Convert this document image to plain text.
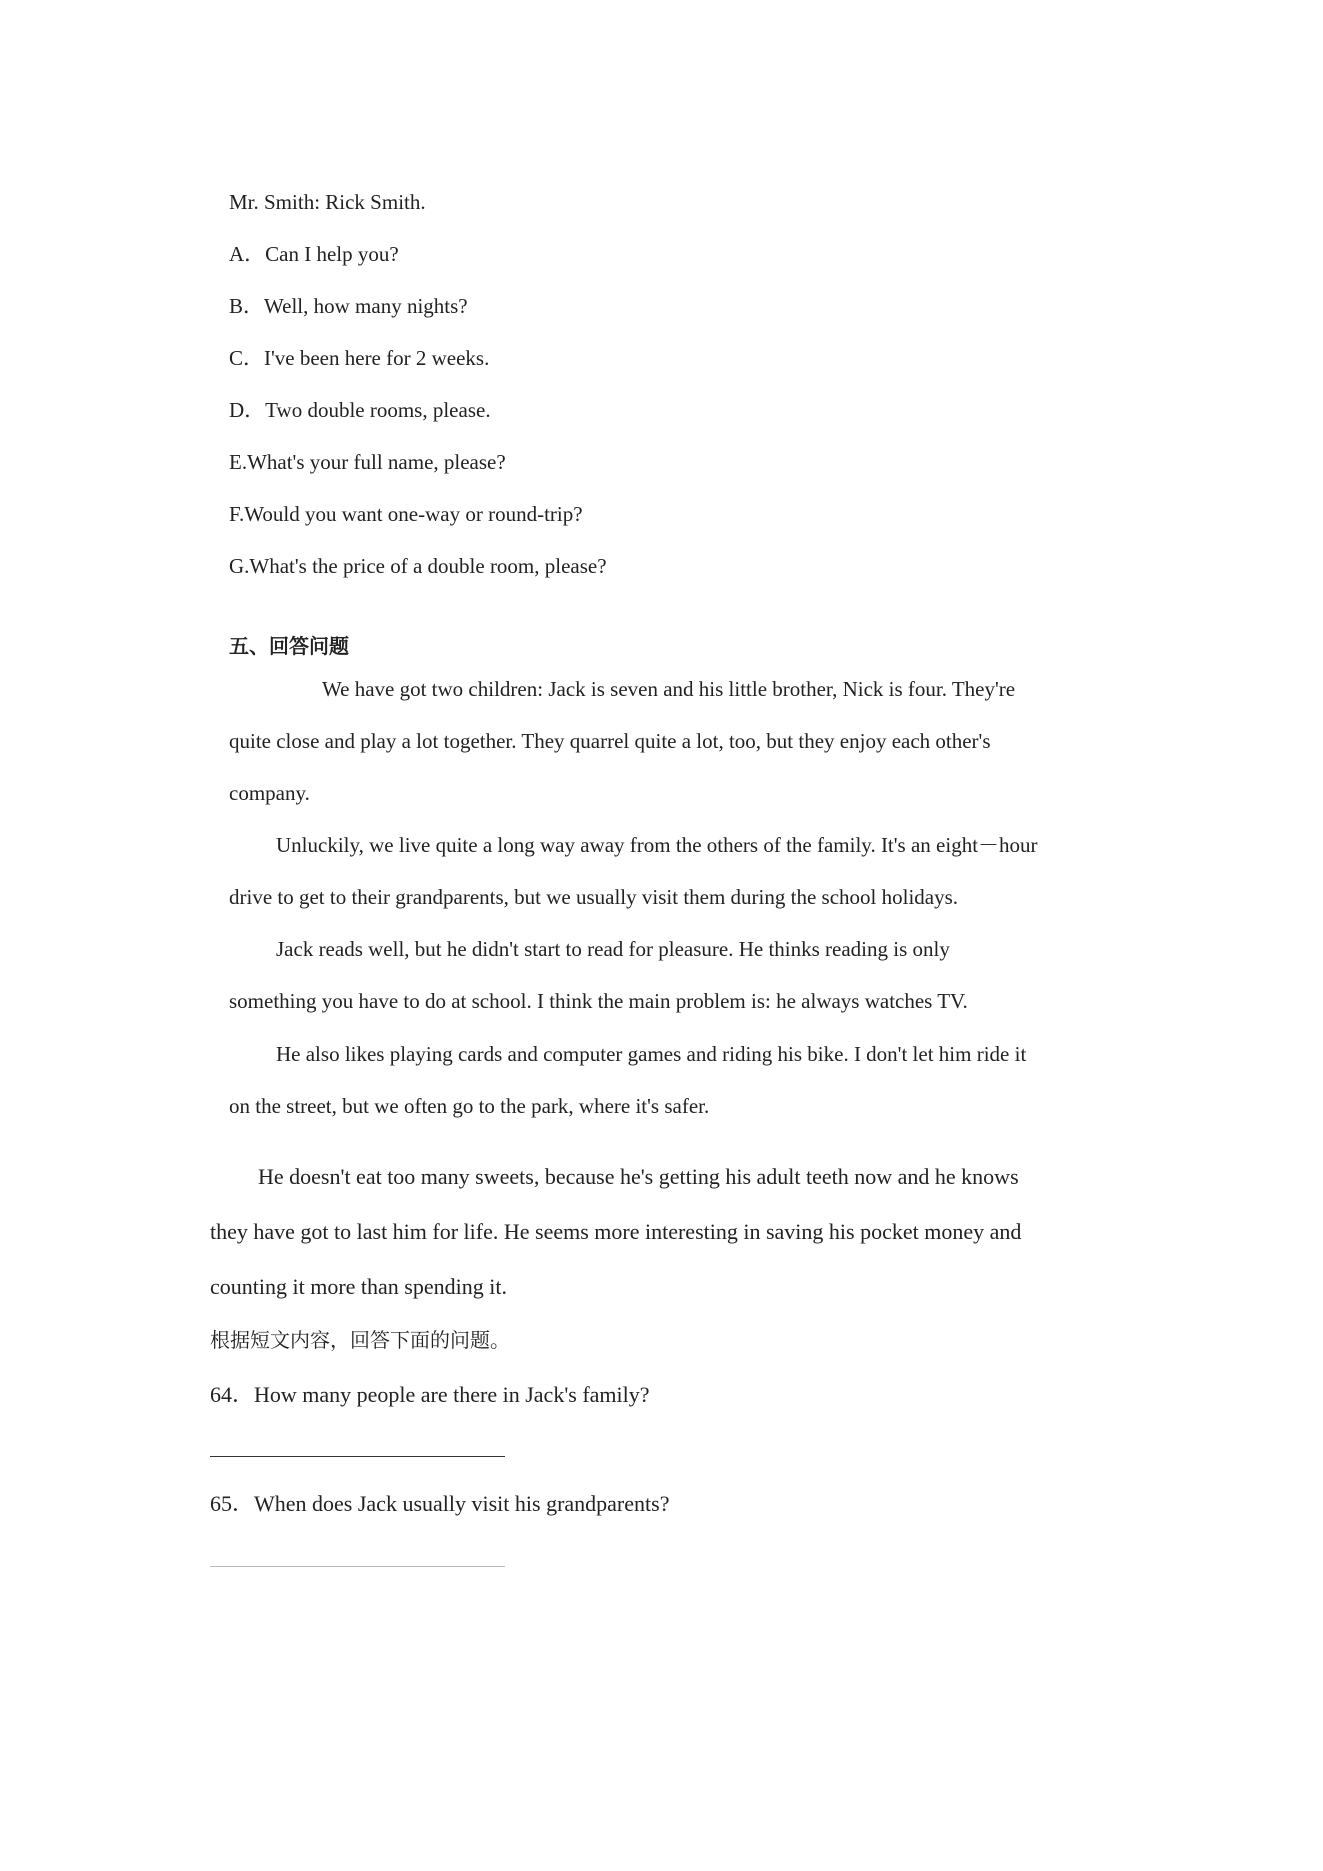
Mr. Smith: Rick Smith.
A．Can I help you?
B．Well, how many nights?
C．I've been here for 2 weeks.
D．Two double rooms, please.
E.What's your full name, please?
F.Would you want one-way or round-trip?
G.What's the price of a double room, please?
五、回答问题
We have got two children: Jack is seven and his little brother, Nick is four. They're
quite close and play a lot together. They quarrel quite a lot, too, but they enjoy each other's
company.
Unluckily, we live quite a long way away from the others of the family. It's an eight－hour
drive to get to their grandparents, but we usually visit them during the school holidays.
Jack reads well, but he didn't start to read for pleasure. He thinks reading is only
something you have to do at school. I think the main problem is: he always watches TV.
He also likes playing cards and computer games and riding his bike. I don't let him ride it
on the street, but we often go to the park, where it's safer.
He doesn't eat too many sweets, because he's getting his adult teeth now and he knows
they have got to last him for life. He seems more interesting in saving his pocket money and
counting it more than spending it.
根据短文内容，回答下面的问题。
64．How many people are there in Jack's family?
65．When does Jack usually visit his grandparents?
